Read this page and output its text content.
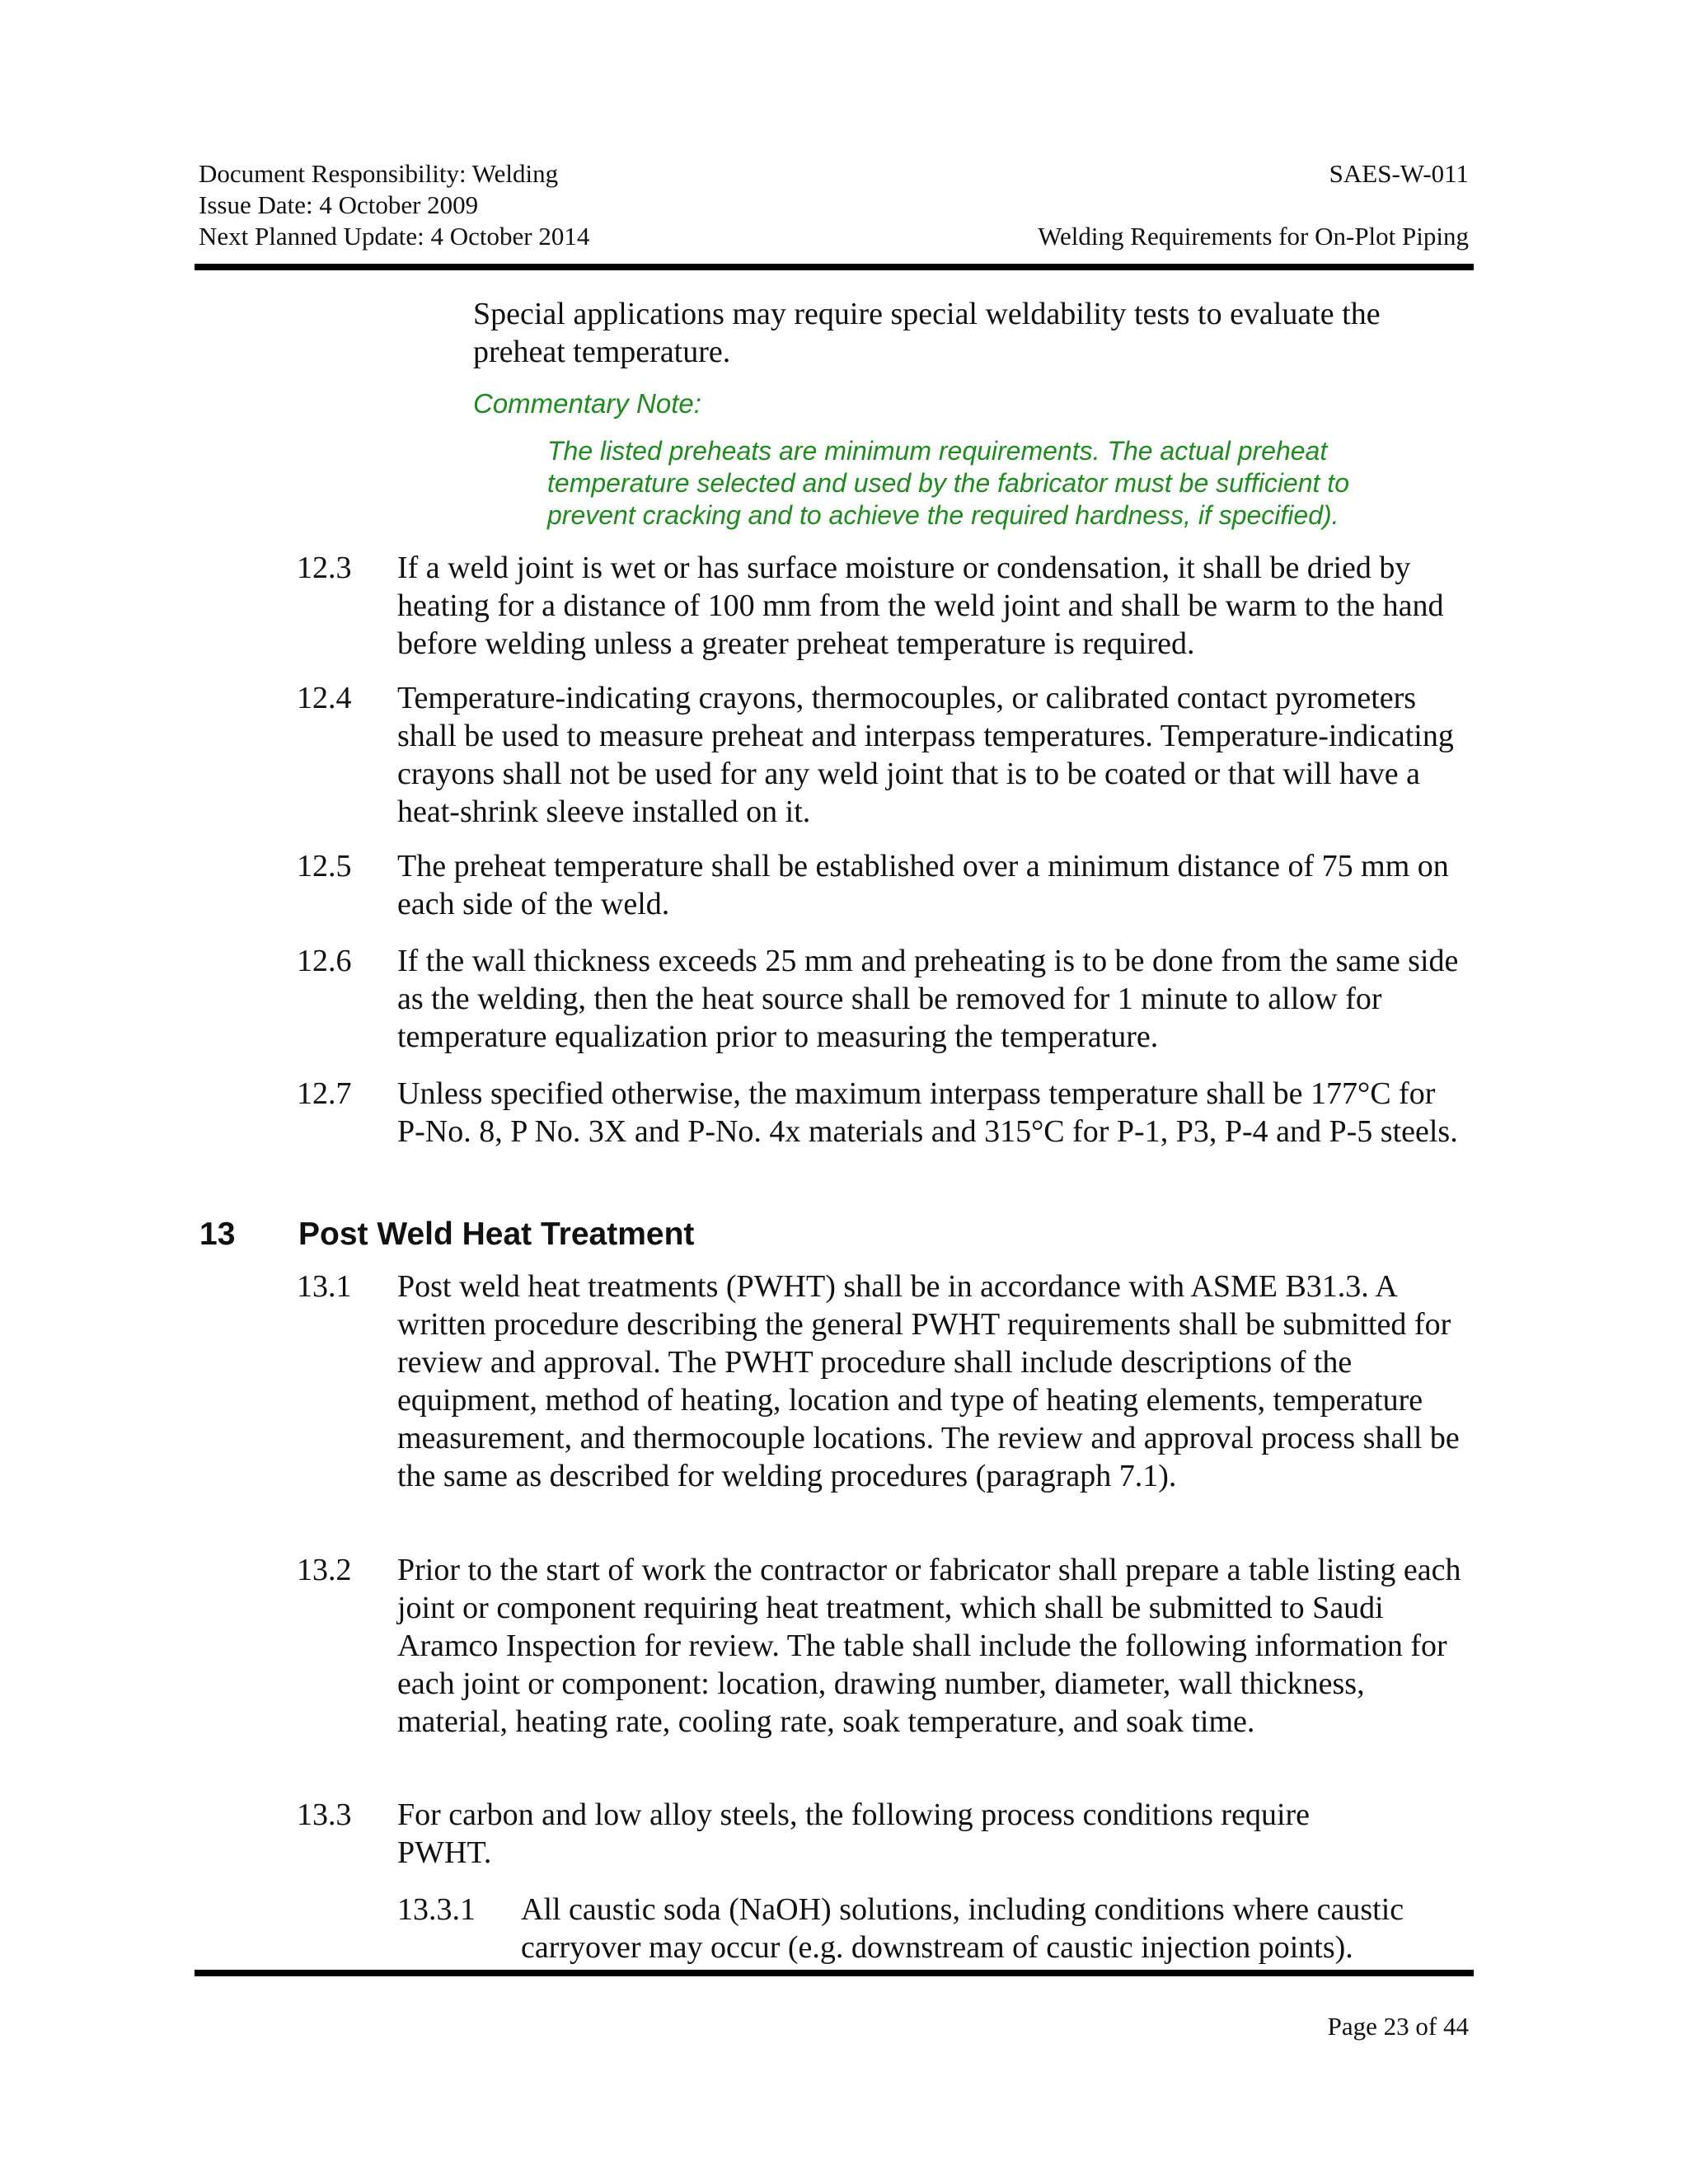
Document Responsibility: Welding
Issue Date: 4 October 2009
Next Planned Update: 4 October 2014
SAES-W-011
Welding Requirements for On-Plot Piping
Special applications may require special weldability tests to evaluate the preheat temperature.
Commentary Note:
The listed preheats are minimum requirements. The actual preheat temperature selected and used by the fabricator must be sufficient to prevent cracking and to achieve the required hardness, if specified).
12.3 If a weld joint is wet or has surface moisture or condensation, it shall be dried by heating for a distance of 100 mm from the weld joint and shall be warm to the hand before welding unless a greater preheat temperature is required.
12.4 Temperature-indicating crayons, thermocouples, or calibrated contact pyrometers shall be used to measure preheat and interpass temperatures. Temperature-indicating crayons shall not be used for any weld joint that is to be coated or that will have a heat-shrink sleeve installed on it.
12.5 The preheat temperature shall be established over a minimum distance of 75 mm on each side of the weld.
12.6 If the wall thickness exceeds 25 mm and preheating is to be done from the same side as the welding, then the heat source shall be removed for 1 minute to allow for temperature equalization prior to measuring the temperature.
12.7 Unless specified otherwise, the maximum interpass temperature shall be 177°C for P-No. 8, P No. 3X and P-No. 4x materials and 315°C for P-1, P3, P-4 and P-5 steels.
13 Post Weld Heat Treatment
13.1 Post weld heat treatments (PWHT) shall be in accordance with ASME B31.3. A written procedure describing the general PWHT requirements shall be submitted for review and approval. The PWHT procedure shall include descriptions of the equipment, method of heating, location and type of heating elements, temperature measurement, and thermocouple locations. The review and approval process shall be the same as described for welding procedures (paragraph 7.1).
13.2 Prior to the start of work the contractor or fabricator shall prepare a table listing each joint or component requiring heat treatment, which shall be submitted to Saudi Aramco Inspection for review. The table shall include the following information for each joint or component: location, drawing number, diameter, wall thickness, material, heating rate, cooling rate, soak temperature, and soak time.
13.3 For carbon and low alloy steels, the following process conditions require PWHT.
13.3.1 All caustic soda (NaOH) solutions, including conditions where caustic carryover may occur (e.g. downstream of caustic injection points).
Page 23 of 44
